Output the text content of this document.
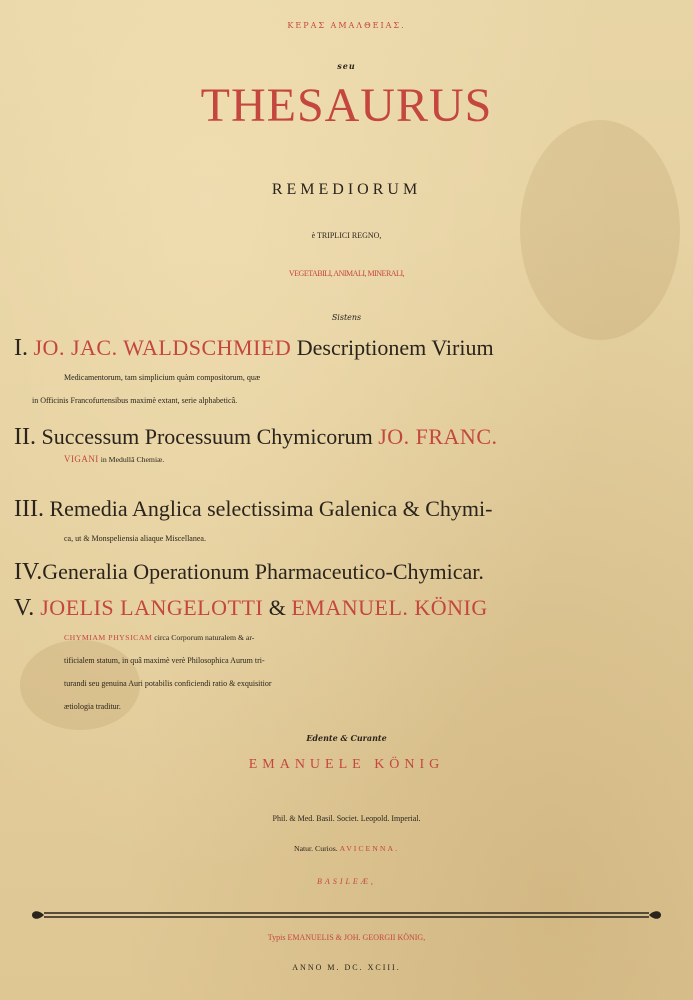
ΚΕΡΑΣ ΑΜΑΛΘΕΙΑΣ.
seu
THESAURUS
REMEDIORUM
è TRIPLICI REGNO,
VEGETABILI, ANIMALI, MINERALI,
Sistens
I. JO. JAC. WALDSCHMIED Descriptionem Virium
Medicamentorum, tam simplicium quàm compositorum, quæ
in Officinis Francofurtensibus maximè extant, serie alphabeticâ.
II. Successum Processuum Chymicorum JO. FRANC.
VIGANI in Medullâ Chemiæ.
III. Remedia Anglica selectissima Galenica & Chymi-
ca, ut & Monspeliensia aliaque Miscellanea.
IV.Generalia Operationum Pharmaceutico-Chymicar.
V. JOELIS LANGELOTTI & EMANUEL. KÖNIG
CHYMIAM PHYSICAM circa Corporum naturalem & ar-
tificialem statum, in quâ maximè verè Philosophica Aurum tri-
turandi seu genuina Auri potabilis conficiendi ratio & exquisitior
ætiologia traditur.
Edente & Curante
EMANUELE KÖNIG
Phil. & Med. Basil. Societ. Leopold. Imperial.
Natur. Curios. AVICENNA.
BASILEÆ,
Typis EMANUELIS & JOH. GEORGII KÖNIG,
ANNO M. DC. XCIII.
